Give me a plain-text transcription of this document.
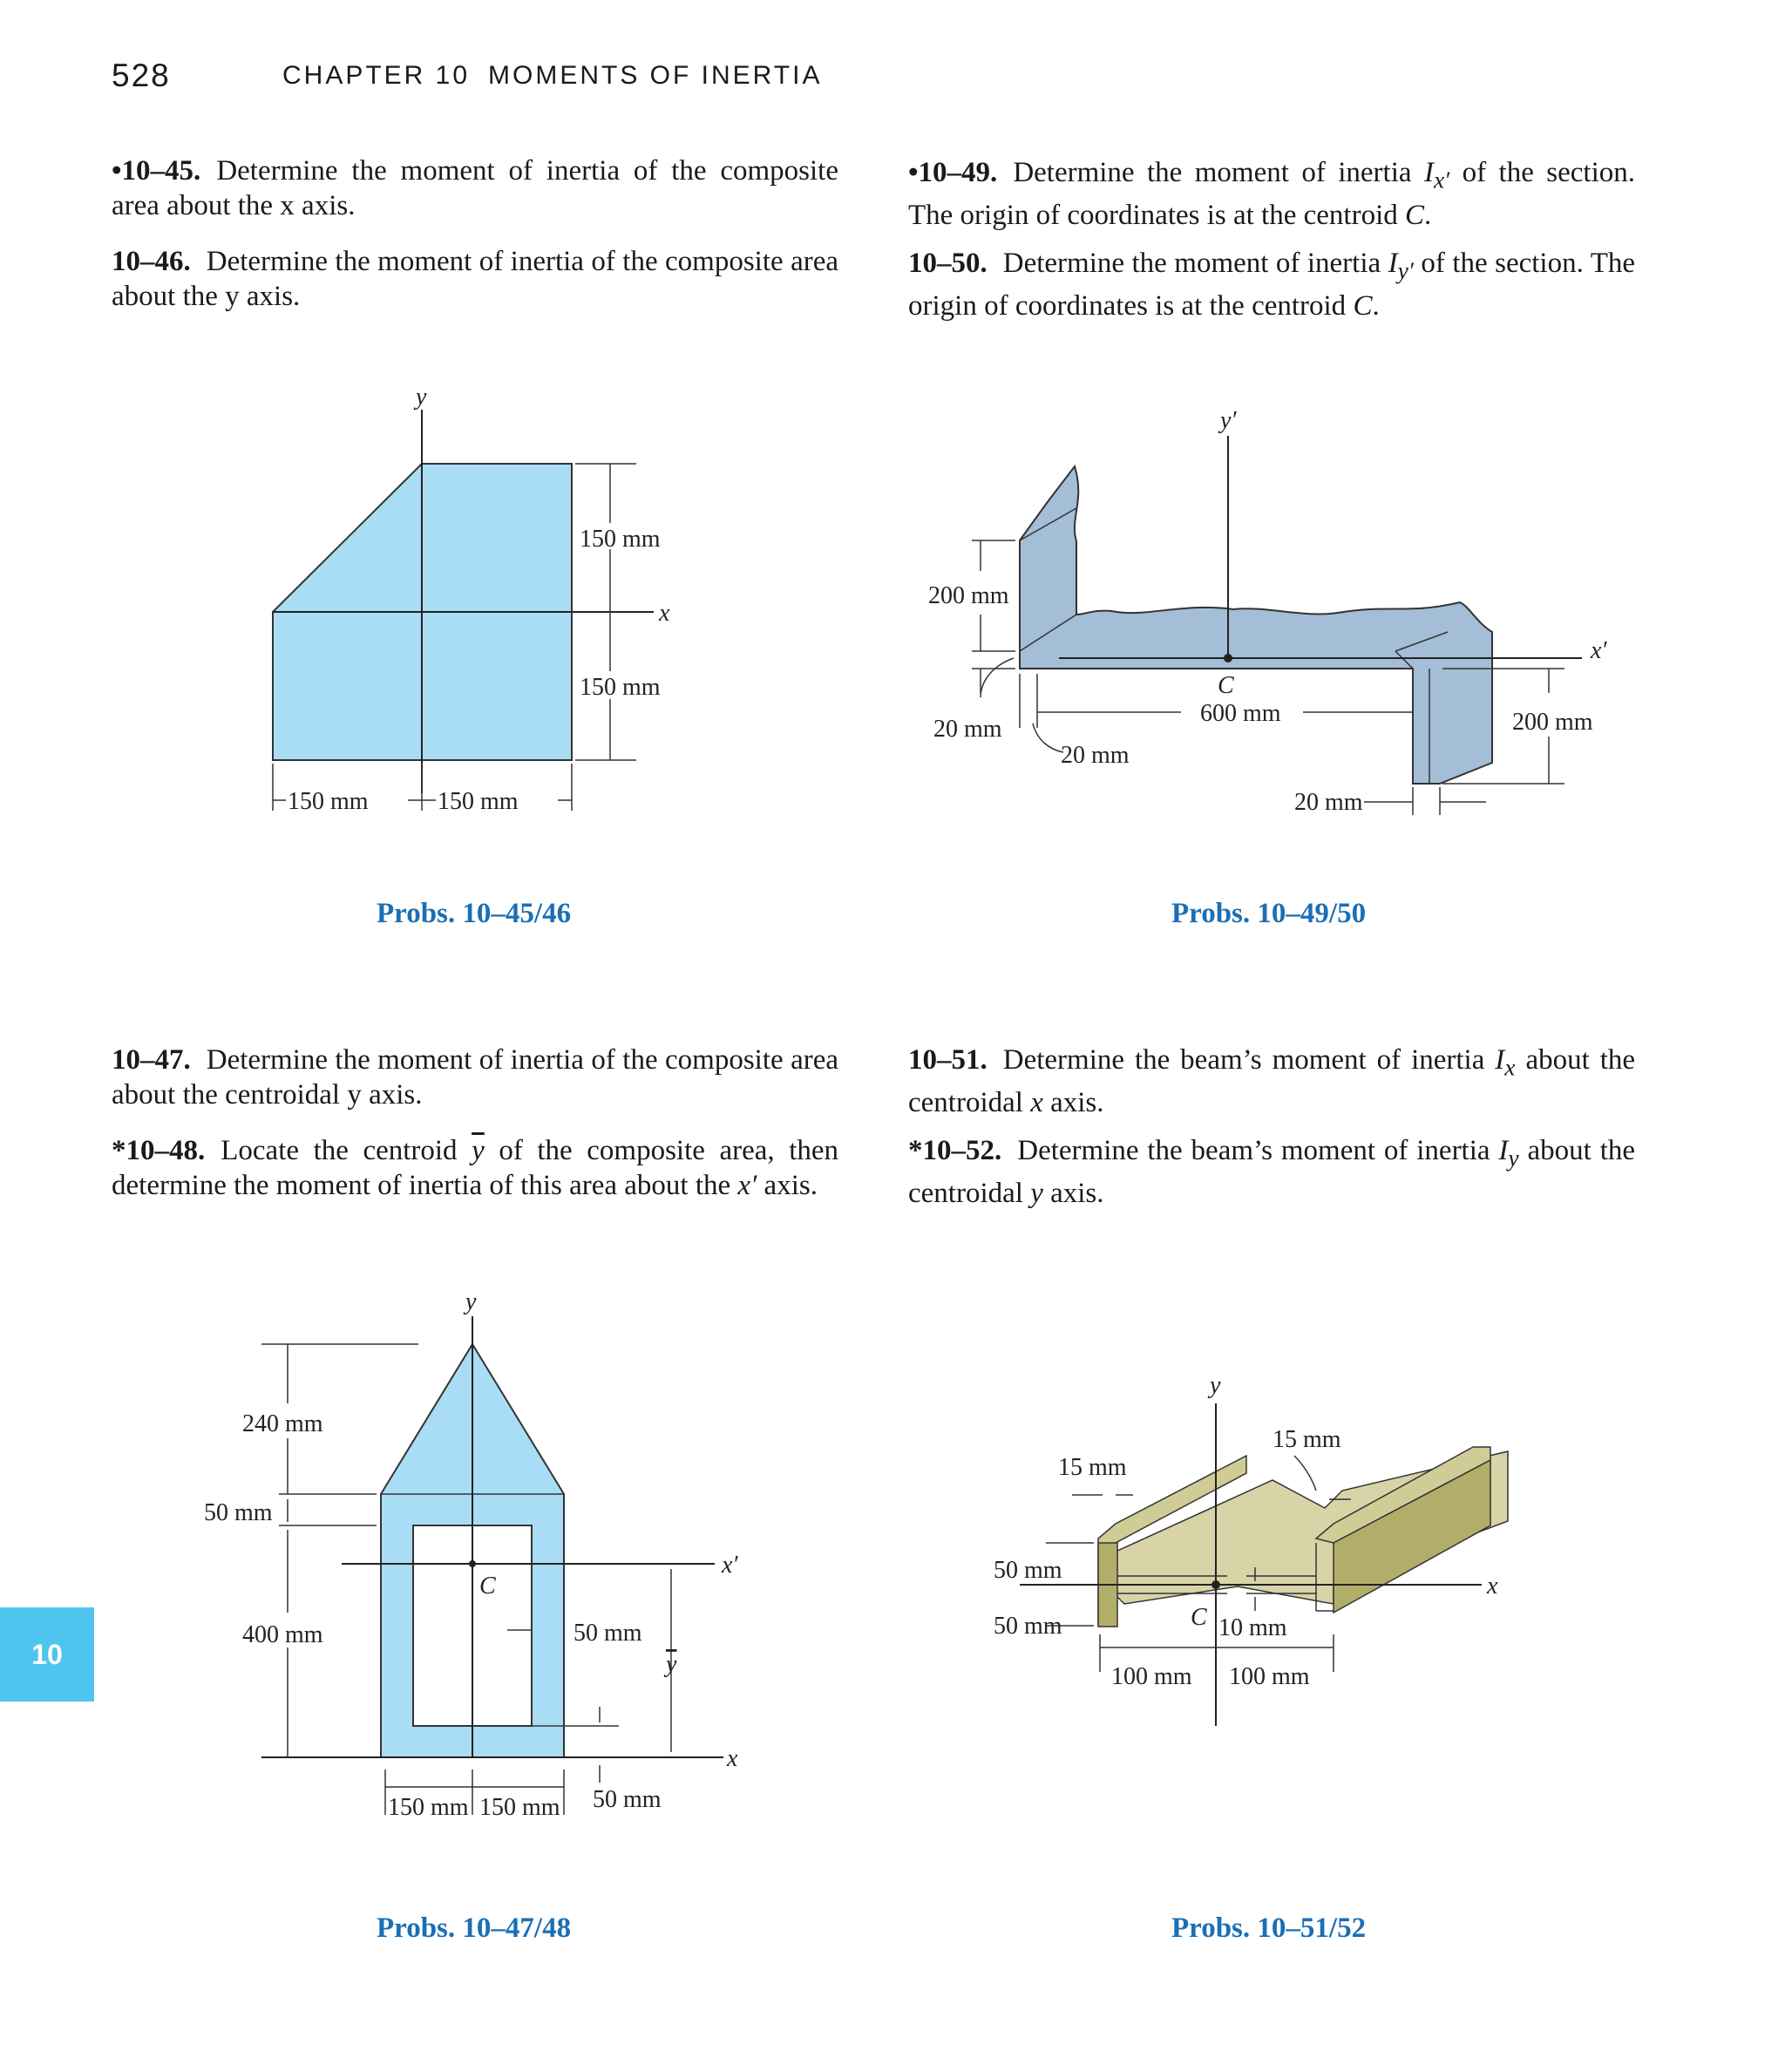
528	CHAPTER 10 MOMENTS OF INERTIA
•10–45. Determine the moment of inertia of the composite area about the x axis.
10–46. Determine the moment of inertia of the composite area about the y axis.
10–47. Determine the moment of inertia of the composite area about the centroidal y axis.
*10–48. Locate the centroid $\overline{y}$ of the composite area, then determine the moment of inertia of this area about the x′ axis.
•10–49. Determine the moment of inertia $I_{x'}$ of the section. The origin of coordinates is at the centroid C.
10–50. Determine the moment of inertia $I_{y'}$ of the section. The origin of coordinates is at the centroid C.
10–51. Determine the beam’s moment of inertia $I_x$ about the centroidal x axis.
*10–52. Determine the beam’s moment of inertia $I_y$ about the centroidal y axis.
y
x
150 mm
150 mm
150 mm	150 mm
Probs. 10–45/46
y′
x′
C
200 mm
20 mm
600 mm
20 mm
200 mm
20 mm
Probs. 10–49/50
y
x
x′
C
240 mm
50 mm
400 mm	50 mm
y
50 mm
150 mm 150 mm
Probs. 10–47/48
y
x
C
15 mm
15 mm
50 mm
50 mm	10 mm
100 mm 100 mm
Probs. 10–51/52
10
